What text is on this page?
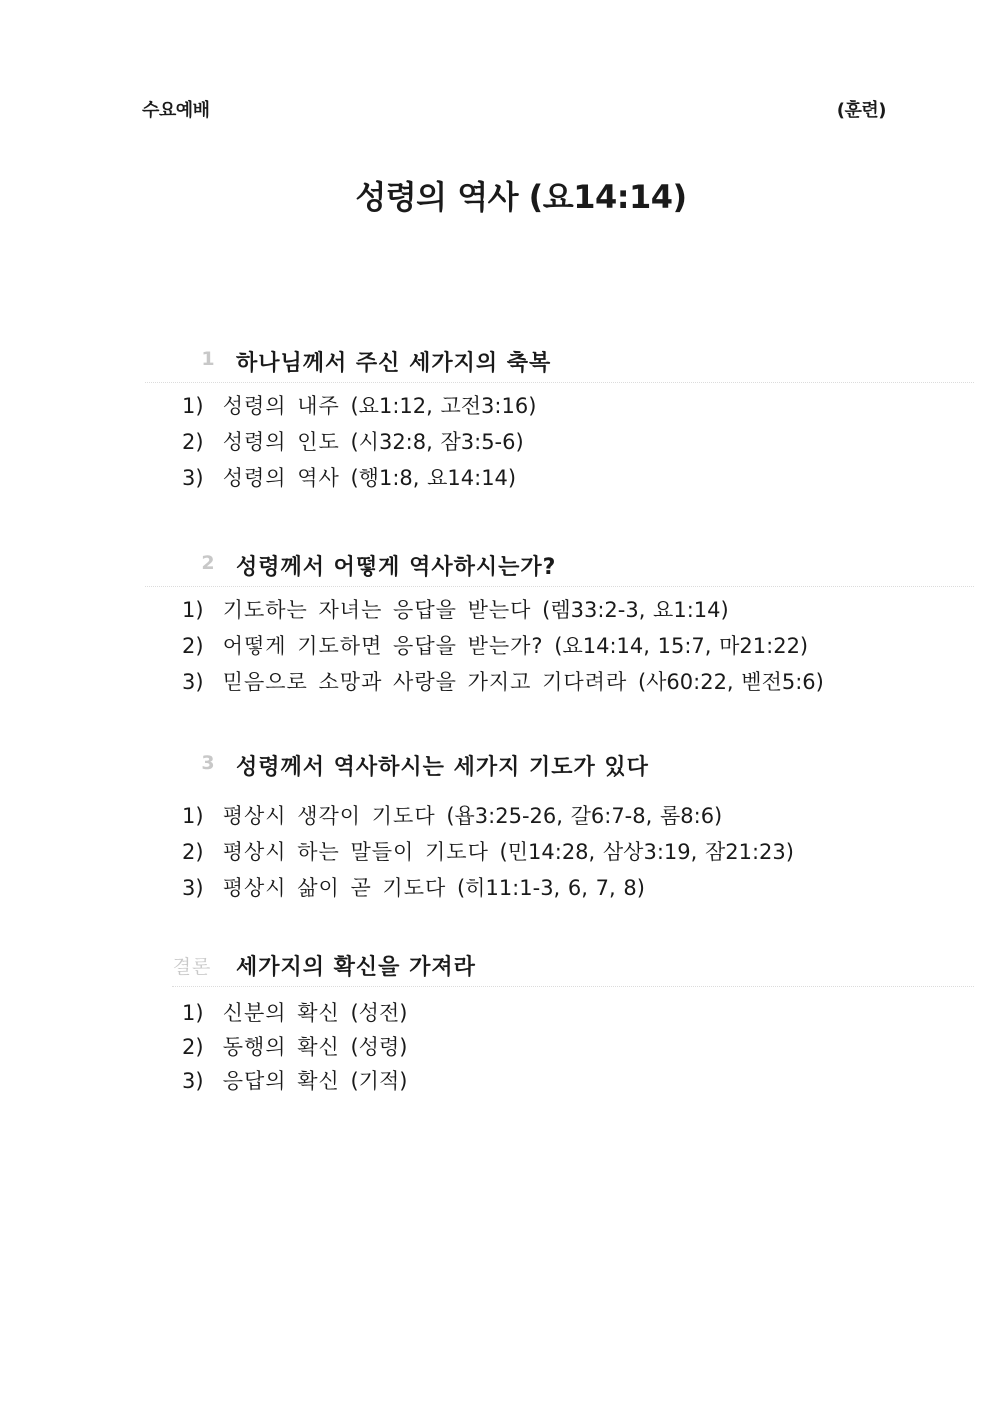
수요예배	(훈련)
성령의 역사 (요14:14)
1 하나님께서 주신 세가지의 축복
1) 성령의 내주 (요1:12, 고전3:16)
2) 성령의 인도 (시32:8, 잠3:5-6)
3) 성령의 역사 (행1:8, 요14:14)
2 성령께서 어떻게 역사하시는가?
1) 기도하는 자녀는 응답을 받는다 (렘33:2-3, 요1:14)
2) 어떻게 기도하면 응답을 받는가? (요14:14, 15:7, 마21:22)
3) 믿음으로 소망과 사랑을 가지고 기다려라 (사60:22, 벧전5:6)
3 성령께서 역사하시는 세가지 기도가 있다
1) 평상시 생각이 기도다 (욥3:25-26, 갈6:7-8, 롬8:6)
2) 평상시 하는 말들이 기도다 (민14:28, 삼상3:19, 잠21:23)
3) 평상시 삶이 곧 기도다 (히11:1-3, 6, 7, 8)
결론	세가지의 확신을 가져라
1) 신분의 확신 (성전)
2) 동행의 확신 (성령)
3) 응답의 확신 (기적)
